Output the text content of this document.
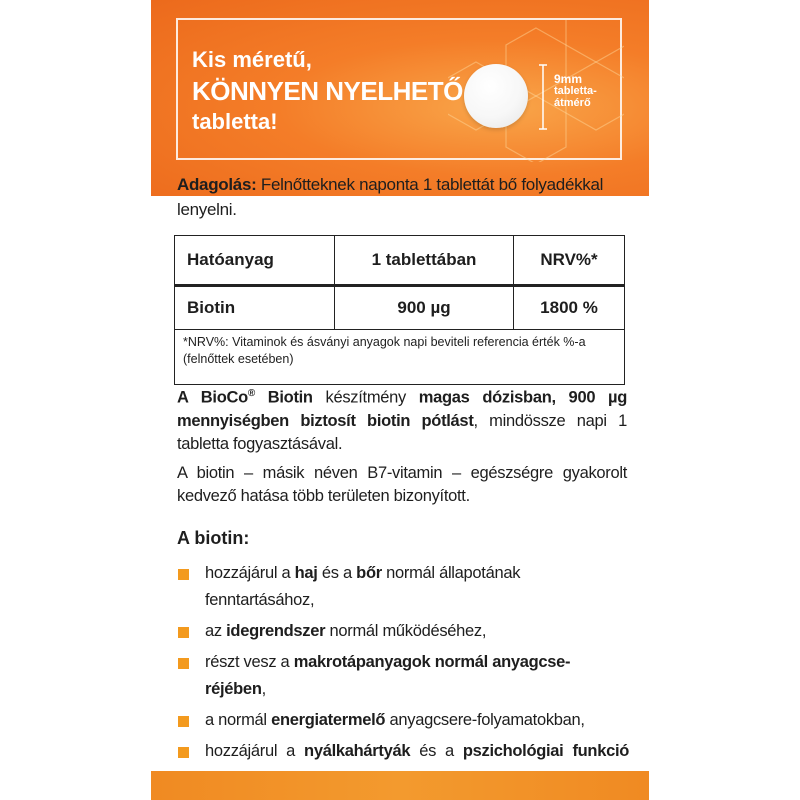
Kis méretű,
KÖNNYEN NYELHETŐ
tabletta!
9mm
tabletta-
átmérő
Adagolás: Felnőtteknek naponta 1 tablettát bő folyadékkal lenyelni.
Hatóanyag	1 tablettában	NRV%*
Biotin	900 µg	1800 %
*NRV%: Vitaminok és ásványi anyagok napi beviteli referencia érték %-a (felnőttek esetében)		
A BioCo® Biotin készítmény magas dózisban, 900 µg mennyiségben biztosít biotin pótlást, mindössze napi 1 tabletta fogyasztásával.
A biotin – másik néven B7-vitamin – egészségre gyakorolt kedvező hatása több területen bizonyított.
A biotin:
hozzájárul a haj és a bőr normál állapotának fenntartásához,
az idegrendszer normál működéséhez,
részt vesz a makrotápanyagok normál anyagcse-
réjében,
a normál energiatermelő anyagcsere-folyamatokban,
hozzájárul a nyálkahártyák és a pszichológiai funkció
